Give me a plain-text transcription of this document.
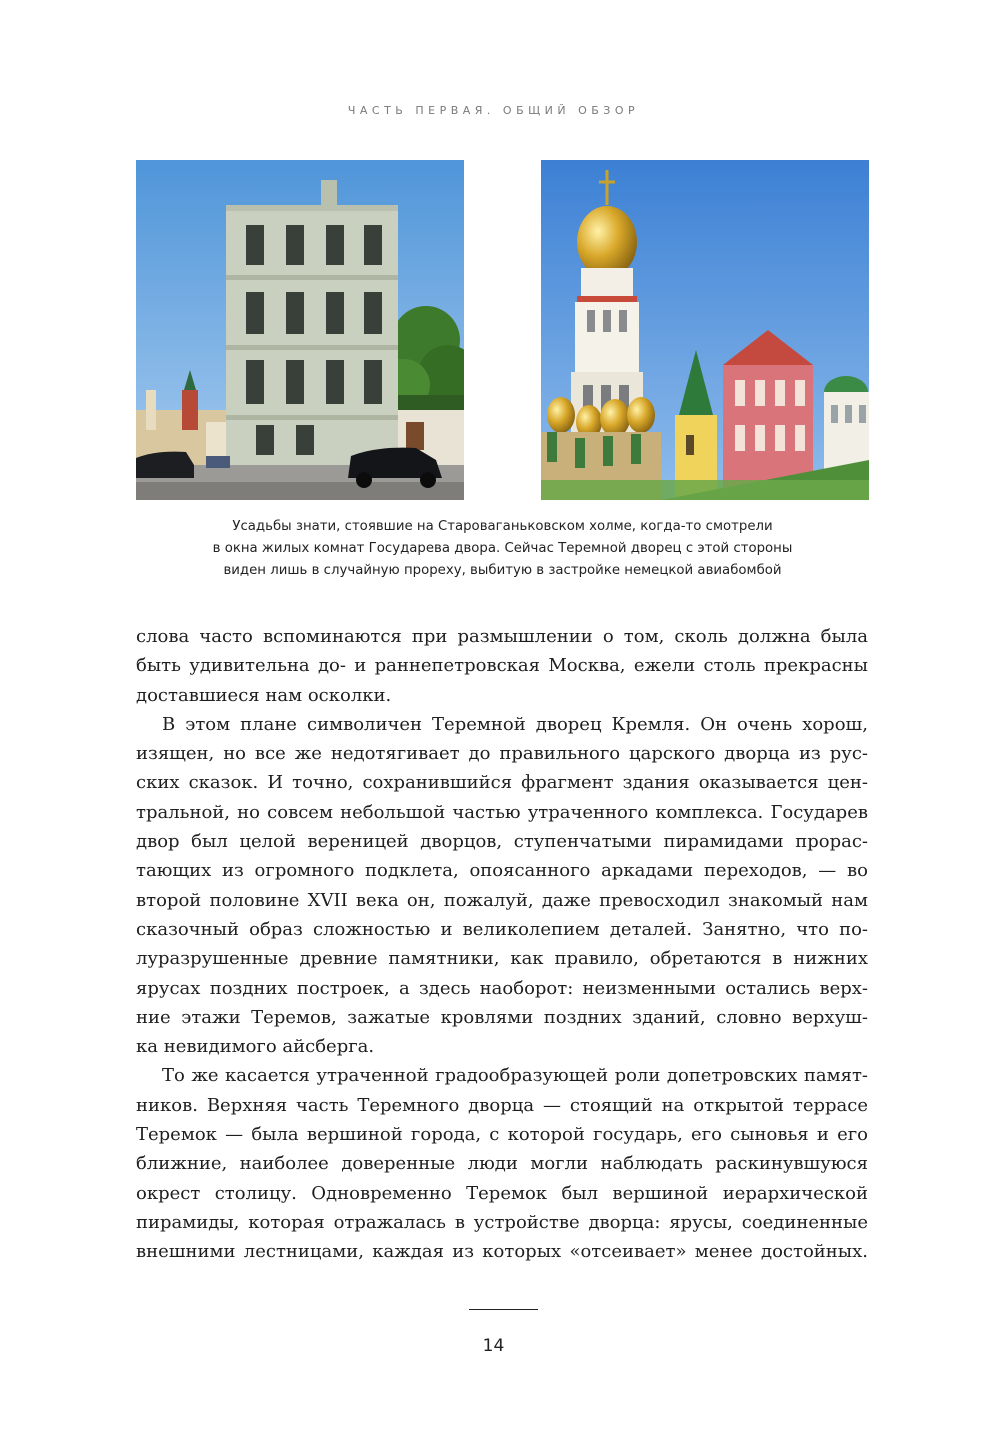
ЧАСТЬ ПЕРВАЯ. ОБЩИЙ ОБЗОР
Усадьбы знати, стоявшие на Староваганьковском холме, когда-то смотрели
в окна жилых комнат Государева двора. Сейчас Теремной дворец с этой стороны
виден лишь в случайную прореху, выбитую в застройке немецкой авиабомбой
слова часто вспоминаются при размышлении о том, сколь должна была
быть удивительна до- и раннепетровская Москва, ежели столь прекрасны
доставшиеся нам осколки.
В этом плане символичен Теремной дворец Кремля. Он очень хорош,
изящен, но все же недотягивает до правильного царского дворца из рус-
ских сказок. И точно, сохранившийся фрагмент здания оказывается цен-
тральной, но совсем небольшой частью утраченного комплекса. Государев
двор был целой вереницей дворцов, ступенчатыми пирамидами прорас-
тающих из огромного подклета, опоясанного аркадами переходов, — во
второй половине XVII века он, пожалуй, даже превосходил знакомый нам
сказочный образ сложностью и великолепием деталей. Занятно, что по-
луразрушенные древние памятники, как правило, обретаются в нижних
ярусах поздних построек, а здесь наоборот: неизменными остались верх-
ние этажи Теремов, зажатые кровлями поздних зданий, словно верхуш-
ка невидимого айсберга.
То же касается утраченной градообразующей роли допетровских памят-
ников. Верхняя часть Теремного дворца — стоящий на открытой террасе
Теремок — была вершиной города, с которой государь, его сыновья и его
ближние, наиболее доверенные люди могли наблюдать раскинувшуюся
окрест столицу. Одновременно Теремок был вершиной иерархической
пирамиды, которая отражалась в устройстве дворца: ярусы, соединенные
внешними лестницами, каждая из которых «отсеивает» менее достойных.
14
